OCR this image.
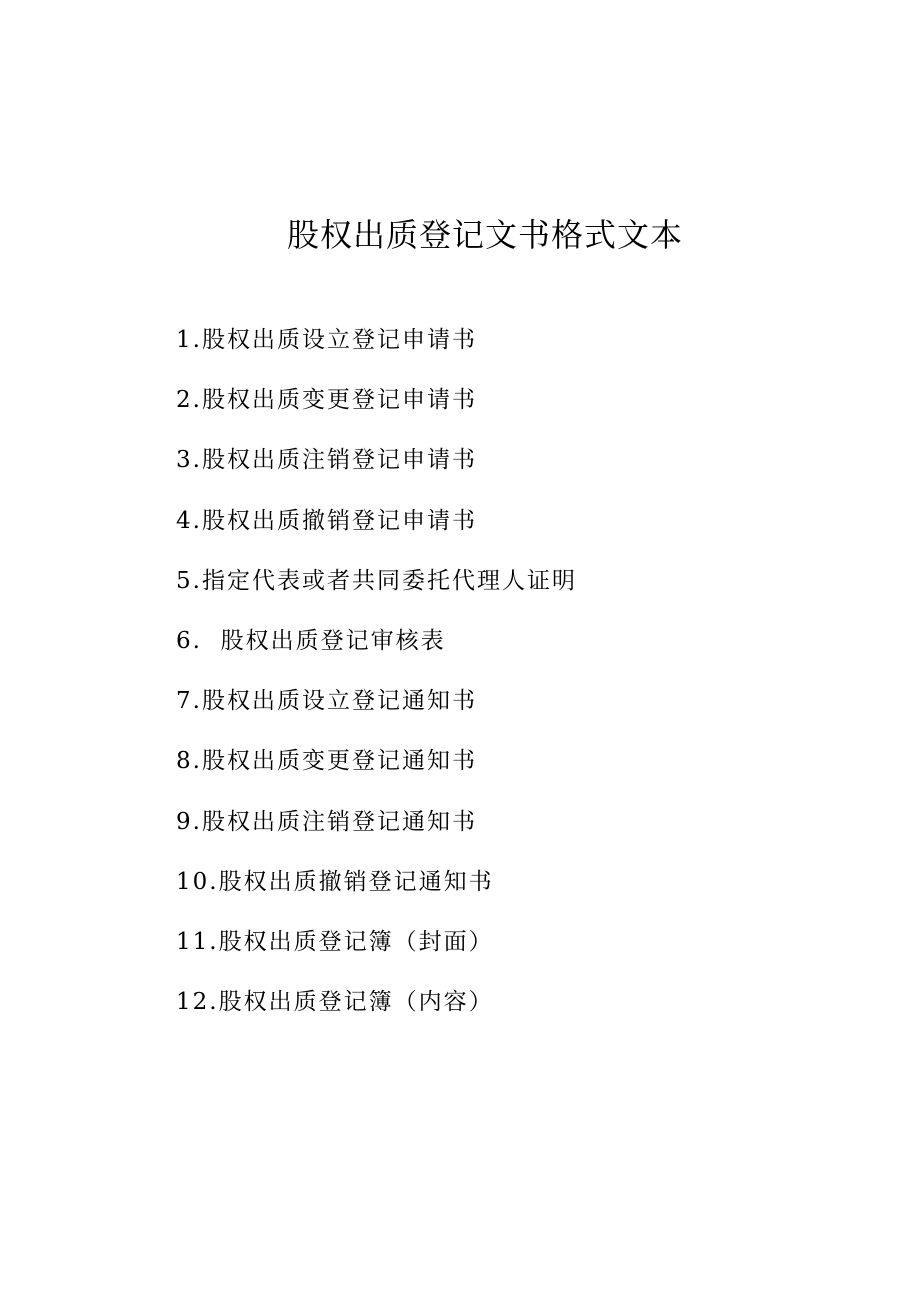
股权出质登记文书格式文本
1.股权出质设立登记申请书
2.股权出质变更登记申请书
3.股权出质注销登记申请书
4.股权出质撤销登记申请书
5.指定代表或者共同委托代理人证明
6.  股权出质登记审核表
7.股权出质设立登记通知书
8.股权出质变更登记通知书
9.股权出质注销登记通知书
10.股权出质撤销登记通知书
11.股权出质登记簿（封面）
12.股权出质登记簿（内容）
